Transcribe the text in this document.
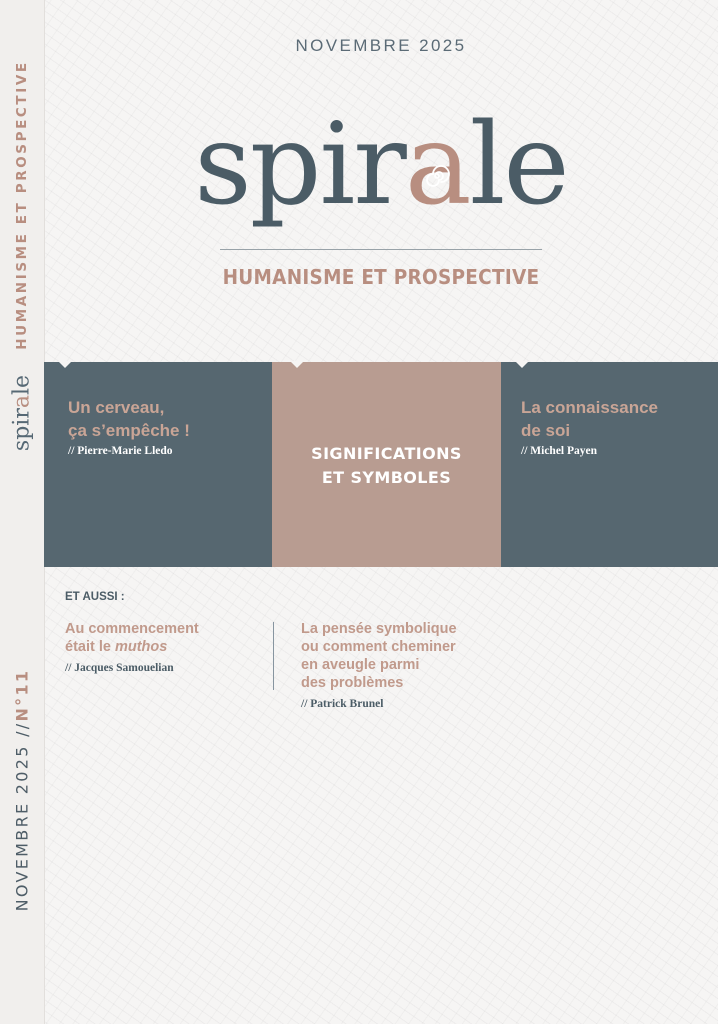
HUMANISME ET PROSPECTIVE
spirale
NOVEMBRE 2025 //N°11
NOVEMBRE 2025
spira
le
HUMANISME ET PROSPECTIVE
Un cerveau,
ça s’empêche !
// Pierre-Marie Lledo	SIGNIFICATIONS
ET SYMBOLES
La connaissance
de soi
// Michel Payen
ET AUSSI :
Au commencement
était le muthos
// Jacques Samouelian
La pensée symbolique
ou comment cheminer
en aveugle parmi
des problèmes
// Patrick Brunel
